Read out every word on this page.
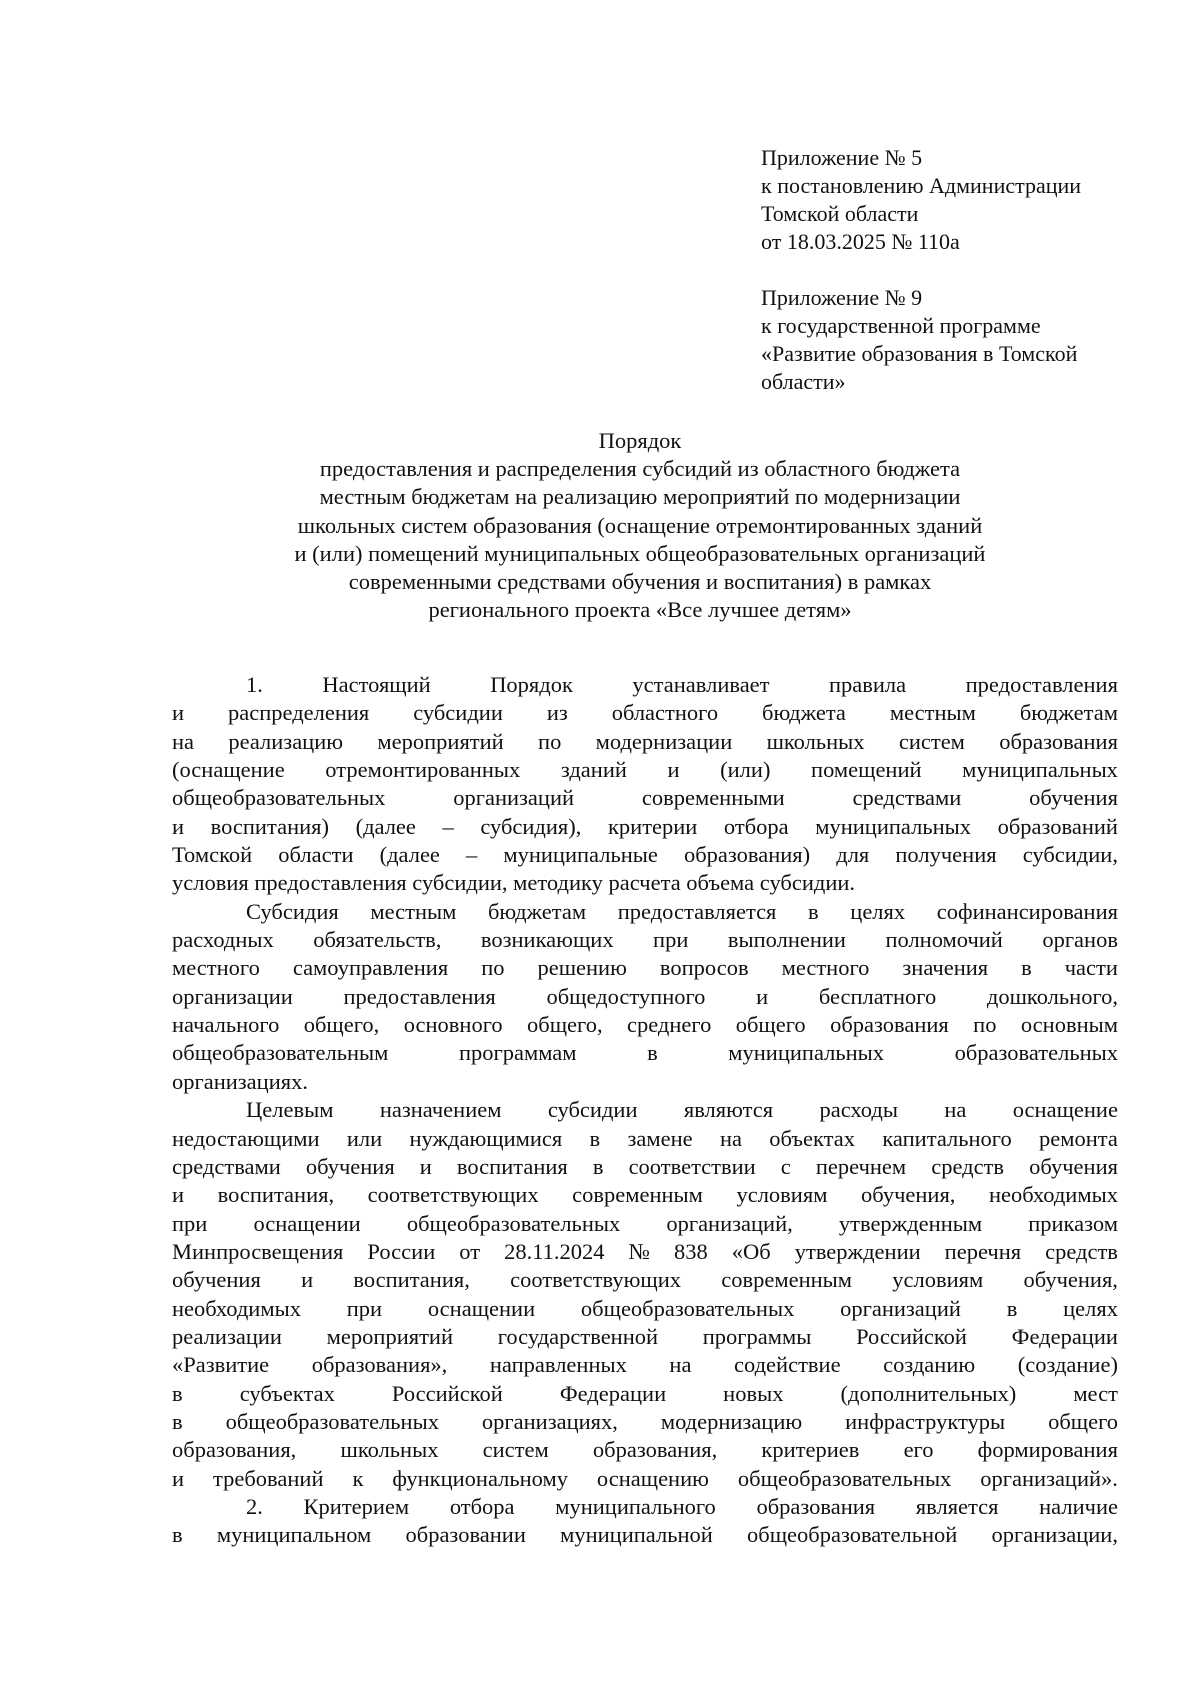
Приложение № 5
к постановлению Администрации
Томской области
от 18.03.2025 № 110а
Приложение № 9
к государственной программе
«Развитие образования в Томской
области»
Порядок
предоставления и распределения субсидий из областного бюджета
местным бюджетам на реализацию мероприятий по модернизации
школьных систем образования (оснащение отремонтированных зданий
и (или) помещений муниципальных общеобразовательных организаций
современными средствами обучения и воспитания) в рамках
регионального проекта «Все лучшее детям»
1.	Настоящий	Порядок	устанавливает	правила	предоставления
и распределения субсидии из областного бюджета местным бюджетам
на реализацию мероприятий по модернизации школьных систем образования
(оснащение отремонтированных зданий и (или) помещений муниципальных
общеобразовательных	организаций	современными	средствами	обучения
и воспитания) (далее – субсидия), критерии отбора муниципальных образований
Томской области (далее – муниципальные образования) для получения субсидии,
условия предоставления субсидии, методику расчета объема субсидии.
Субсидия местным бюджетам предоставляется в целях софинансирования
расходных обязательств, возникающих при выполнении полномочий органов
местного самоуправления по решению вопросов местного значения в части
организации предоставления общедоступного и бесплатного дошкольного,
начального общего, основного общего, среднего общего образования по основным
общеобразовательным	программам	в	муниципальных	образовательных
организациях.
Целевым назначением субсидии являются расходы на оснащение
недостающими или нуждающимися в замене на объектах капитального ремонта
средствами обучения и воспитания в соответствии с перечнем средств обучения
и воспитания, соответствующих современным условиям обучения, необходимых
при оснащении общеобразовательных организаций, утвержденным приказом
Минпросвещения России от 28.11.2024 № 838 «Об утверждении перечня средств
обучения и воспитания, соответствующих современным условиям обучения,
необходимых при оснащении общеобразовательных организаций в целях
реализации мероприятий государственной программы Российской Федерации
«Развитие образования», направленных на содействие созданию (создание)
в	субъектах	Российской	Федерации	новых	(дополнительных)	мест
в общеобразовательных организациях, модернизацию инфраструктуры общего
образования, школьных систем образования, критериев его формирования
и требований к функциональному оснащению общеобразовательных организаций».
2. Критерием отбора муниципального образования является наличие
в муниципальном образовании муниципальной общеобразовательной организации,
